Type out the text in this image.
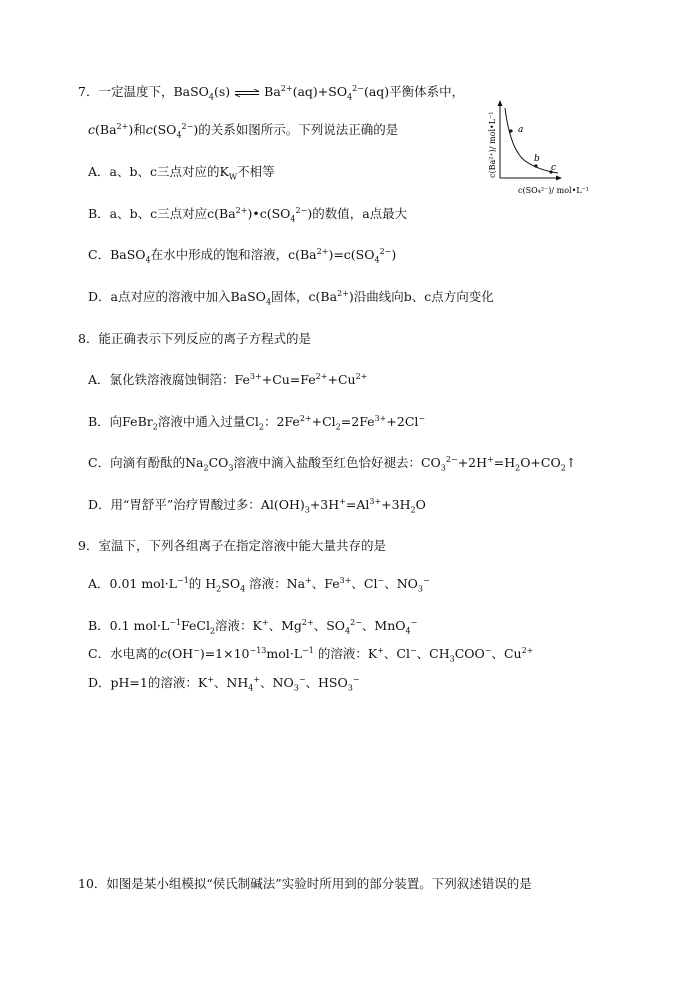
7．一定温度下，BaSO$_4$(s) ⇌ $Ba^{2+}(aq)+SO_4^{2-}(aq)$平衡体系中，
$c(Ba^{2+})$和$c(SO_4^{2-})$的关系如图所示。下列说法正确的是
A．a、b、c三点对应的$K_W$不相等
B．a、b、c三点对应$c(Ba^{2+})•c(SO_4^{2-})$的数值，a点最大
C．BaSO$_4$在水中形成的饱和溶液，$c(Ba^{2+})=c(SO_4^{2-})$
D．a点对应的溶液中加入BaSO$_4$固体，$c(Ba^{2+})$沿曲线向b、c点方向变化
a
b
c
c(Ba²⁺)/ mol•L⁻¹
c(SO₄²⁻)/ mol•L⁻¹
8．能正确表示下列反应的离子方程式的是
A．氯化铁溶液腐蚀铜箔：$Fe^{3+}+Cu=Fe^{2+}+Cu^{2+}$
B．向FeBr$_2$溶液中通入过量$Cl_2$：$2Fe^{2+}+Cl_2=2Fe^{3+}+2Cl^-$
C．向滴有酚酞的$Na_2CO_3$溶液中滴入盐酸至红色恰好褪去：$CO_3^{2-}+2H^+=H_2O+CO_2↑$
D．用“胃舒平”治疗胃酸过多：$Al(OH)_3+3H^+=Al^{3+}+3H_2O$
9．室温下，下列各组离子在指定溶液中能大量共存的是
A．0.01 $mol\cdot L^{-1}$的 $H_2SO_4$ 溶液：Na+、$Fe^{3+}$、Cl−、$NO_3^-$
B．0.1 $mol\cdot L^{-1}FeCl_2$溶液：K+、$Mg^{2+}$、$SO_4^{2-}$、MnO$_4$−
C．水电离的$c(OH^-)=1\times 10^{-13}mol\cdot L^{-1}$ 的溶液：K+、Cl−、$CH_3COO^-$、$Cu^{2+}$
D．pH=1的溶液：K+、$NH_4^+$、$NO_3^-$、$HSO_3^-$
10．如图是某小组模拟“侯氏制碱法”实验时所用到的部分装置。下列叙述错误的是
